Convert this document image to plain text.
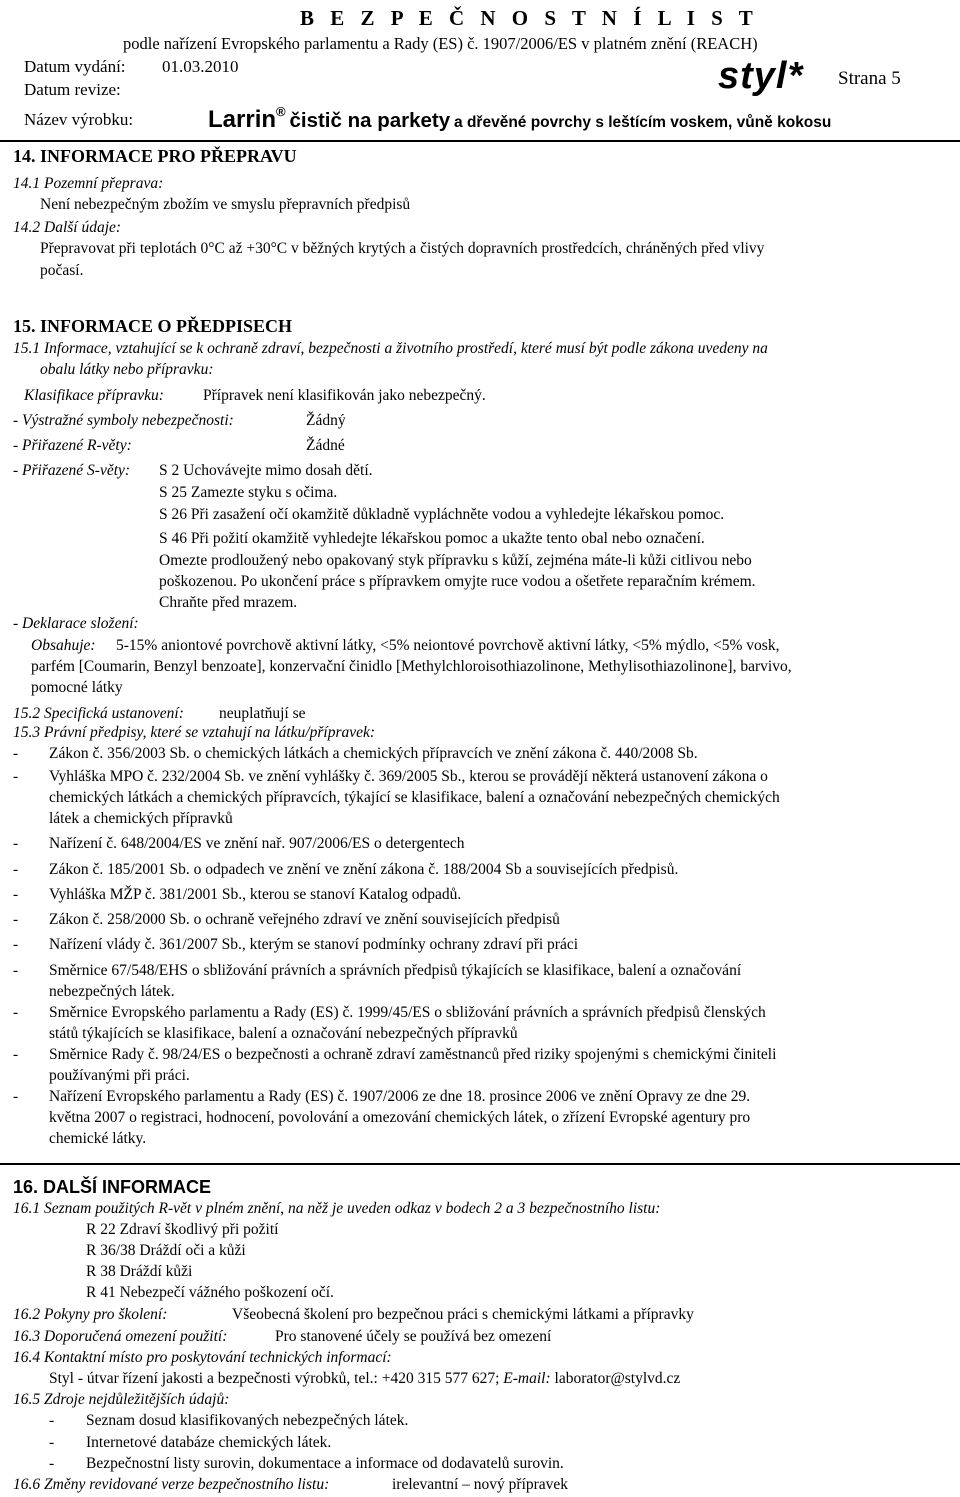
B E Z P E Č N O S T N Í L I S T
podle nařízení Evropského parlamentu a Rady (ES) č. 1907/2006/ES v platném znění (REACH)
Datum vydání: 01.03.2010
Datum revize:	styl* Strana 5
Název výrobku:	Larrin® čistič na parkety a dřevěné povrchy s leštícím voskem, vůně kokosu
14. INFORMACE PRO PŘEPRAVU
14.1 Pozemní přeprava:
Není nebezpečným zbožím ve smyslu přepravních předpisů
14.2 Další údaje:
Přepravovat při teplotách 0°C až +30°C v běžných krytých a čistých dopravních prostředcích, chráněných před vlivy
počasí.
15. INFORMACE O PŘEDPISECH
15.1 Informace, vztahující se k ochraně zdraví, bezpečnosti a životního prostředí, které musí být podle zákona uvedeny na
obalu látky nebo přípravku:
Klasifikace přípravku:	Přípravek není klasifikován jako nebezpečný.
- Výstražné symboly nebezpečnosti:	Žádný
- Přiřazené R-věty:	Žádné
- Přiřazené S-věty: S 2 Uchovávejte mimo dosah dětí.
S 25 Zamezte styku s očima.
S 26 Při zasažení očí okamžitě důkladně vypláchněte vodou a vyhledejte lékařskou pomoc.
S 46 Při požití okamžitě vyhledejte lékařskou pomoc a ukažte tento obal nebo označení.
Omezte prodloužený nebo opakovaný styk přípravku s kůží, zejména máte-li kůži citlivou nebo
poškozenou. Po ukončení práce s přípravkem omyjte ruce vodou a ošetřete reparačním krémem.
Chraňte před mrazem.
- Deklarace složení:
Obsahuje: 5-15% aniontové povrchově aktivní látky, <5% neiontové povrchově aktivní látky, <5% mýdlo, <5% vosk,
parfém [Coumarin, Benzyl benzoate], konzervační činidlo [Methylchloroisothiazolinone, Methylisothiazolinone], barvivo,
pomocné látky
15.2 Specifická ustanovení: neuplatňují se
15.3 Právní předpisy, které se vztahují na látku/přípravek:
- Zákon č. 356/2003 Sb. o chemických látkách a chemických přípravcích ve znění zákona č. 440/2008 Sb.
- Vyhláška MPO č. 232/2004 Sb. ve znění vyhlášky č. 369/2005 Sb., kterou se provádějí některá ustanovení zákona o
chemických látkách a chemických přípravcích, týkající se klasifikace, balení a označování nebezpečných chemických
látek a chemických přípravků
- Nařízení č. 648/2004/ES ve znění nař. 907/2006/ES o detergentech
- Zákon č. 185/2001 Sb. o odpadech ve znění ve znění zákona č. 188/2004 Sb a souvisejících předpisů.
- Vyhláška MŽP č. 381/2001 Sb., kterou se stanoví Katalog odpadů.
- Zákon č. 258/2000 Sb. o ochraně veřejného zdraví ve znění souvisejících předpisů
- Nařízení vlády č. 361/2007 Sb., kterým se stanoví podmínky ochrany zdraví při práci
- Směrnice 67/548/EHS o sbližování právních a správních předpisů týkajících se klasifikace, balení a označování
nebezpečných látek.
- Směrnice Evropského parlamentu a Rady (ES) č. 1999/45/ES o sbližování právních a správních předpisů členských
států týkajících se klasifikace, balení a označování nebezpečných přípravků
- Směrnice Rady č. 98/24/ES o bezpečnosti a ochraně zdraví zaměstnanců před riziky spojenými s chemickými činiteli
používanými při práci.
- Nařízení Evropského parlamentu a Rady (ES) č. 1907/2006 ze dne 18. prosince 2006 ve znění Opravy ze dne 29.
května 2007 o registraci, hodnocení, povolování a omezování chemických látek, o zřízení Evropské agentury pro
chemické látky.
16. DALŠÍ INFORMACE
16.1 Seznam použitých R-vět v plném znění, na něž je uveden odkaz v bodech 2 a 3 bezpečnostního listu:
R 22 Zdraví škodlivý při požití
R 36/38 Dráždí oči a kůži
R 38 Dráždí kůži
R 41 Nebezpečí vážného poškození očí.
16.2 Pokyny pro školení:	Všeobecná školení pro bezpečnou práci s chemickými látkami a přípravky
16.3 Doporučená omezení použití:	Pro stanovené účely se používá bez omezení
16.4 Kontaktní místo pro poskytování technických informací:
Styl - útvar řízení jakosti a bezpečnosti výrobků, tel.: +420 315 577 627; E-mail: laborator@stylvd.cz
16.5 Zdroje nejdůležitějších údajů:
- Seznam dosud klasifikovaných nebezpečných látek.
- Internetové databáze chemických látek.
- Bezpečnostní listy surovin, dokumentace a informace od dodavatelů surovin.
16.6 Změny revidované verze bezpečnostního listu:	irelevantní – nový přípravek
